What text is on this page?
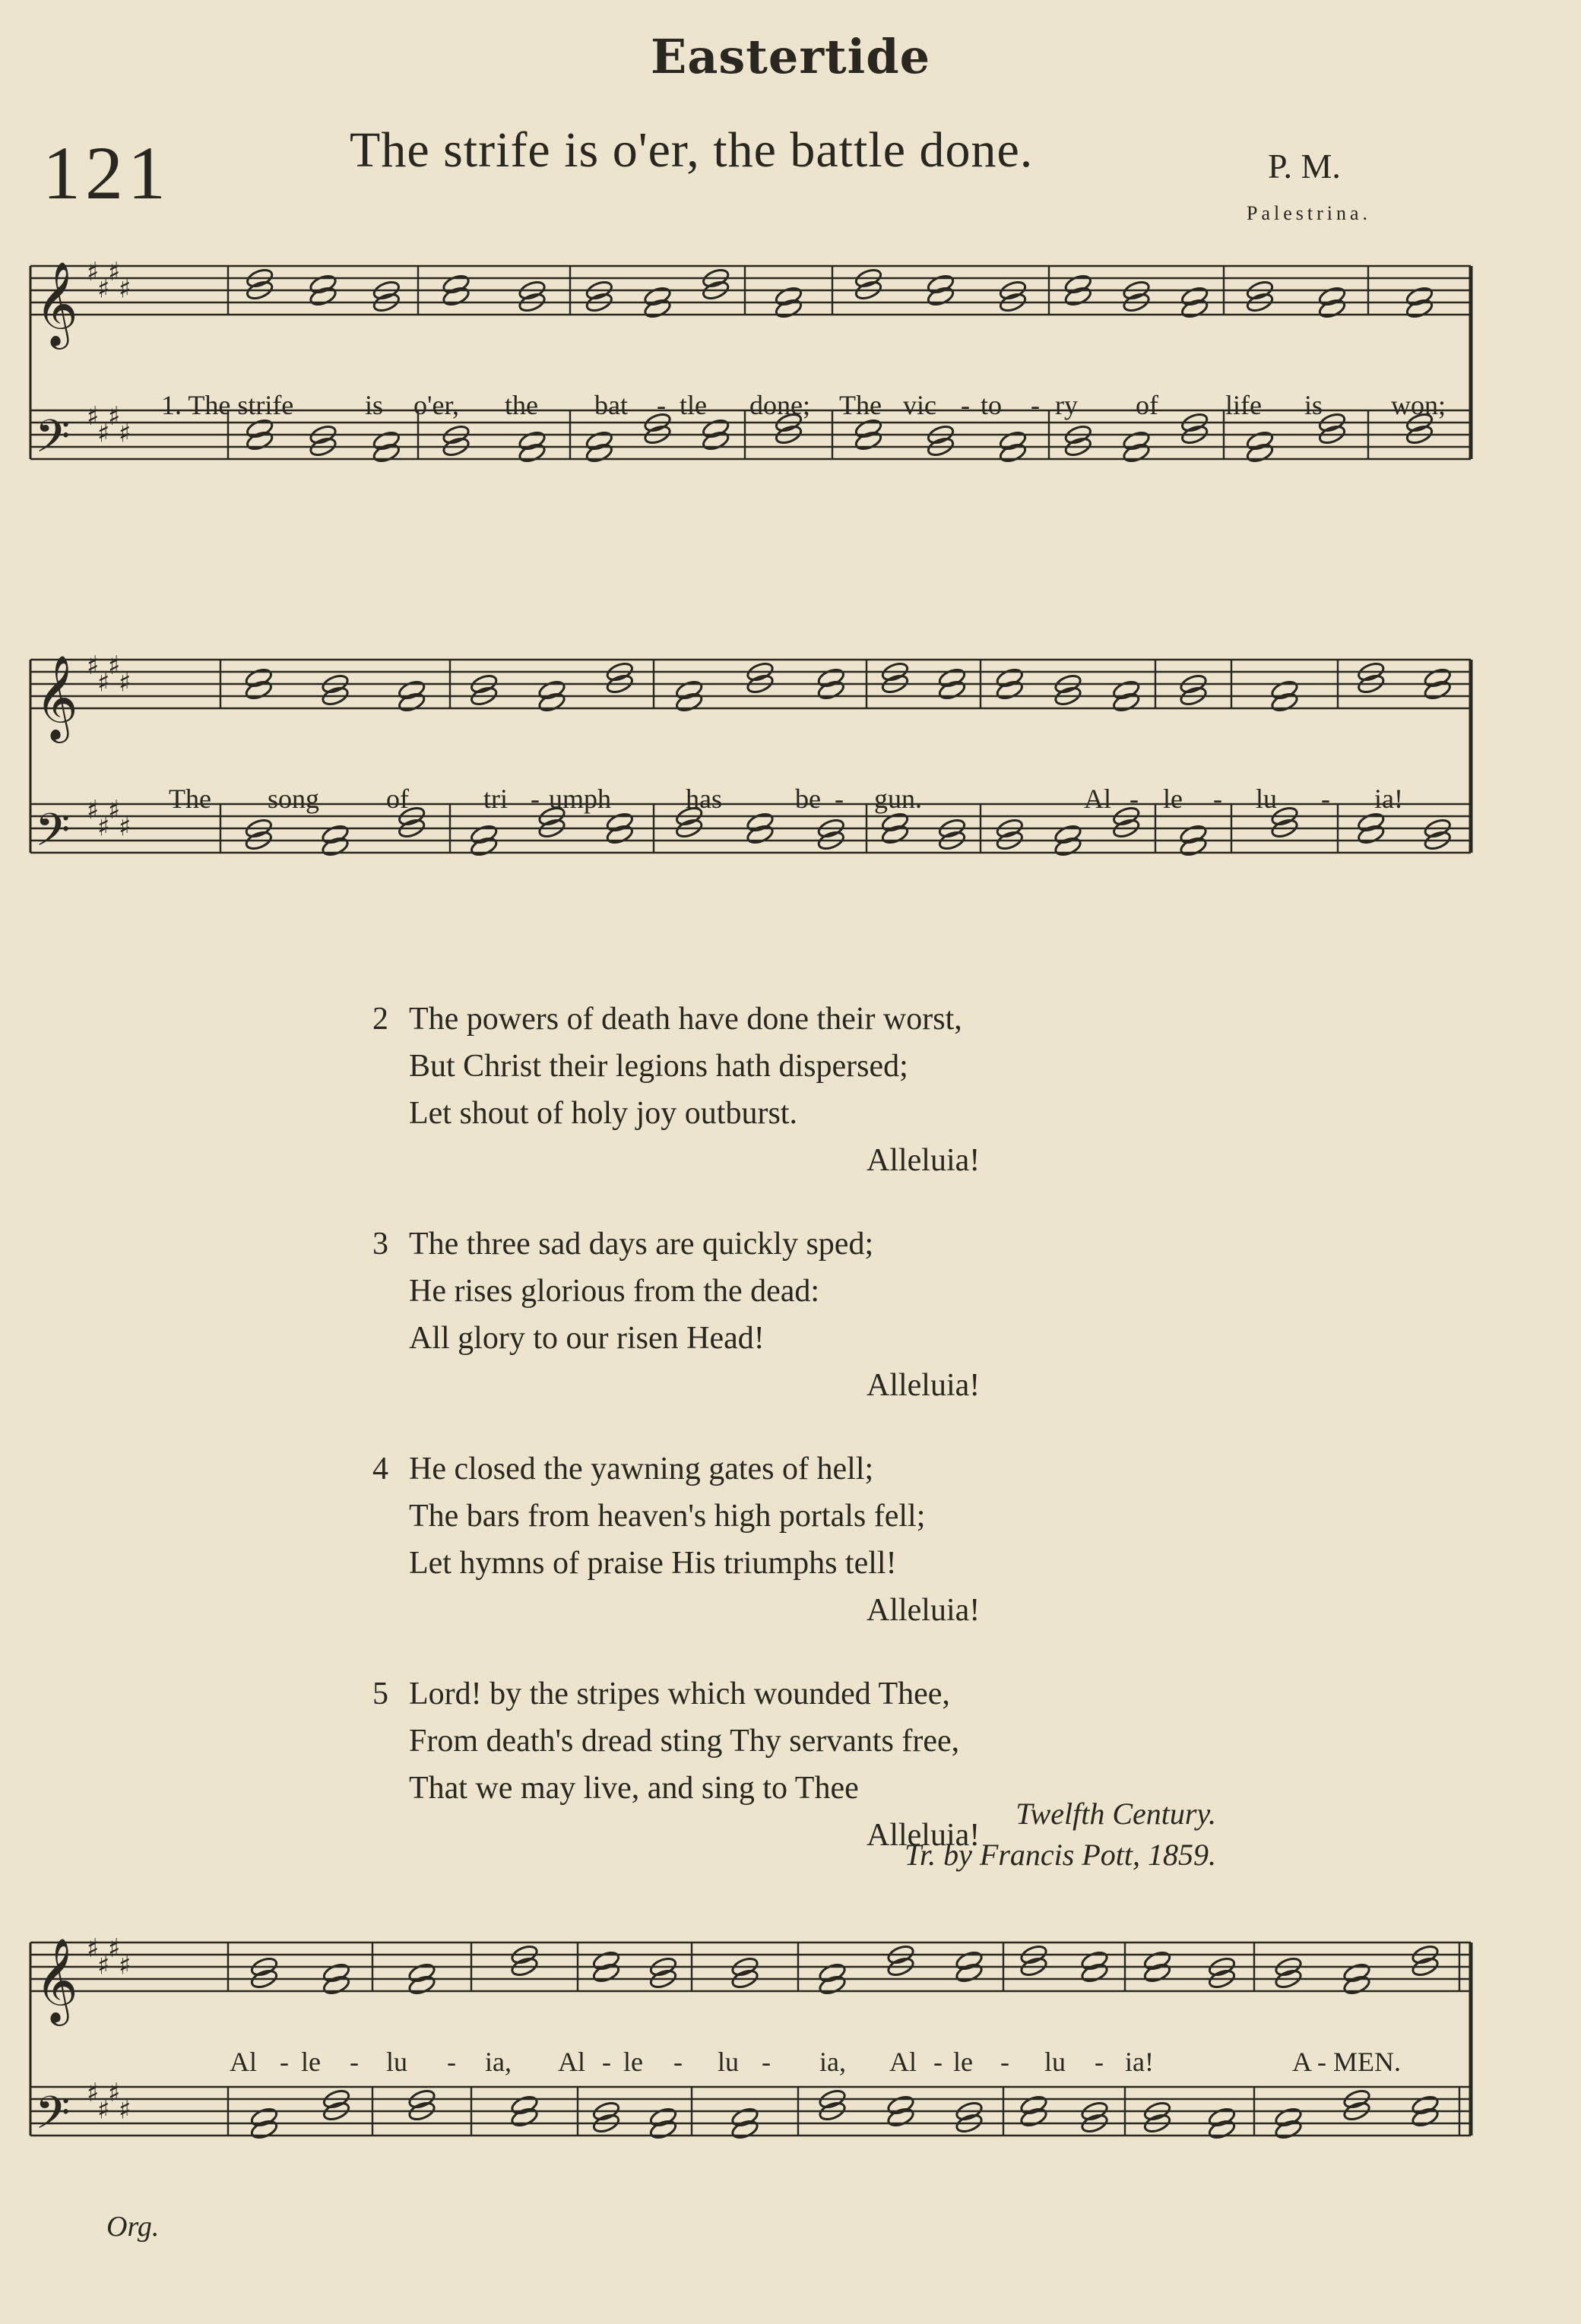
Eastertide
121	The strife is o'er, the battle done.	P. M.
Palestrina.
𝄞 ♯
♯
♯
♯
𝄢 ♯
♯
♯
♯
𝄞 ♯
♯
♯
♯
𝄢 ♯
♯
♯
♯
𝄞 ♯
♯
♯
♯
𝄢 ♯
♯
♯
♯
1. The strife	is o'er, the bat - tle done; The vic - to - ry of life is won;
The song of	tri - umph	has	be - gun.	Al - le - lu - ia!
Al - le - lu - ia, Al - le - lu - ia, Al - le - lu - ia!	A - MEN.
2 The powers of death have done their worst,
But Christ their legions hath dispersed;
Let shout of holy joy outburst.
Alleluia!
3 The three sad days are quickly sped;
He rises glorious from the dead:
All glory to our risen Head!
Alleluia!
4 He closed the yawning gates of hell;
The bars from heaven's high portals fell;
Let hymns of praise His triumphs tell!
Alleluia!
5 Lord! by the stripes which wounded Thee,
From death's dread sting Thy servants free,
That we may live, and sing to Thee
Alleluia!
Twelfth Century.
Tr. by Francis Pott, 1859.
Org.
